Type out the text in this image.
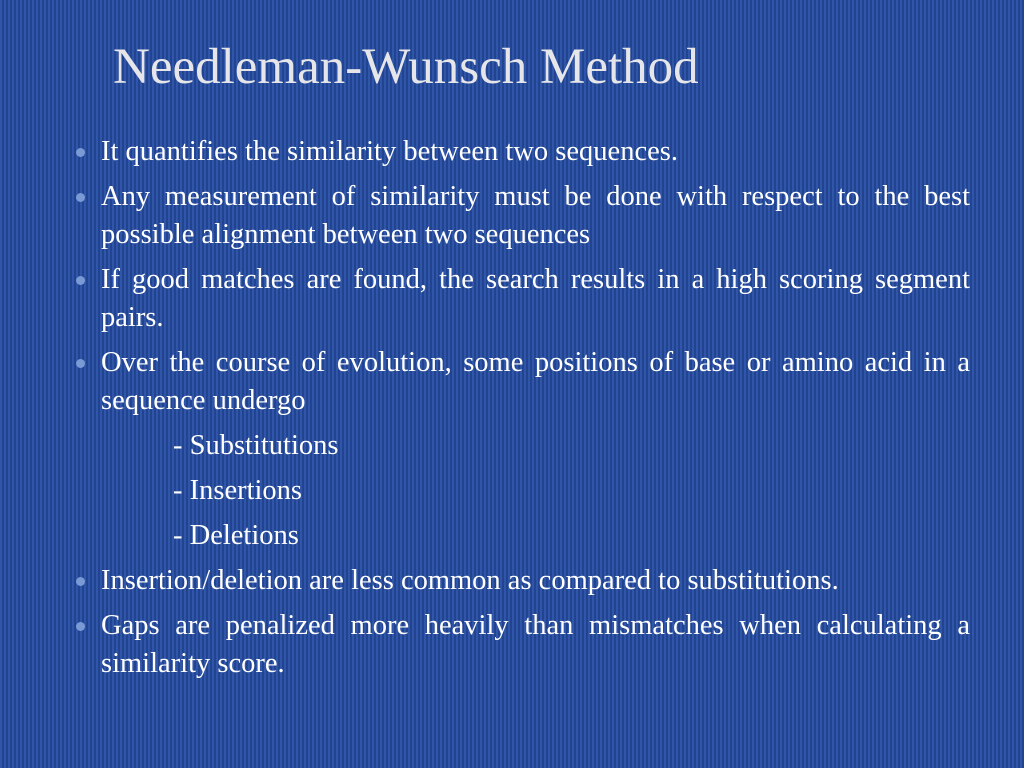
Needleman-Wunsch Method
It quantifies the similarity between two sequences.
Any measurement of similarity must be done with respect to the best possible alignment between two sequences
If good matches are found, the search results in a high scoring segment pairs.
Over the course of evolution, some positions of base or amino acid in a sequence undergo
- Substitutions
- Insertions
- Deletions
Insertion/deletion are less common as compared to substitutions.
Gaps are penalized more heavily than mismatches when calculating a similarity score.
